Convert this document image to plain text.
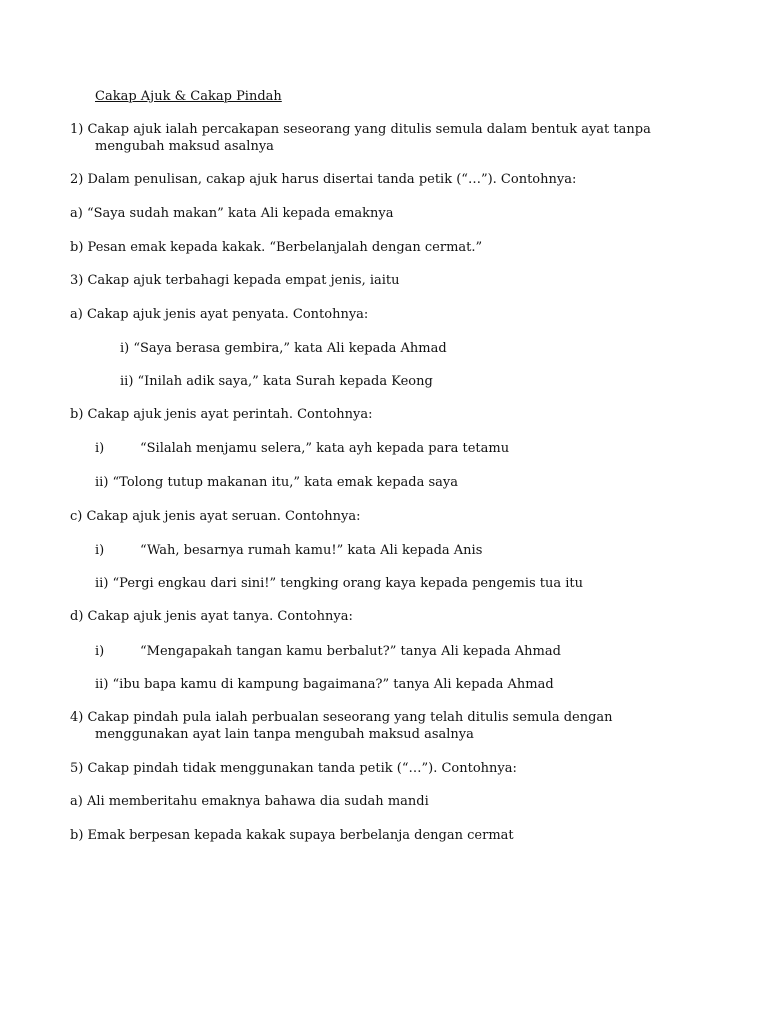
Cakap Ajuk & Cakap Pindah
1) Cakap ajuk ialah percakapan seseorang yang ditulis semula dalam bentuk ayat tanpa
mengubah maksud asalnya
2) Dalam penulisan, cakap ajuk harus disertai tanda petik (“…”). Contohnya:
a) “Saya sudah makan” kata Ali kepada emaknya
b) Pesan emak kepada kakak. “Berbelanjalah dengan cermat.”
3) Cakap ajuk terbahagi kepada empat jenis, iaitu
a) Cakap ajuk jenis ayat penyata. Contohnya:
i) “Saya berasa gembira,” kata Ali kepada Ahmad
ii) “Inilah adik saya,” kata Surah kepada Keong
b) Cakap ajuk jenis ayat perintah. Contohnya:
i)	“Silalah menjamu selera,” kata ayh kepada para tetamu
ii) “Tolong tutup makanan itu,” kata emak kepada saya
c) Cakap ajuk jenis ayat seruan. Contohnya:
i)	“Wah, besarnya rumah kamu!” kata Ali kepada Anis
ii) “Pergi engkau dari sini!” tengking orang kaya kepada pengemis tua itu
d) Cakap ajuk jenis ayat tanya. Contohnya:
i)	“Mengapakah tangan kamu berbalut?” tanya Ali kepada Ahmad
ii) “ibu bapa kamu di kampung bagaimana?” tanya Ali kepada Ahmad
4) Cakap pindah pula ialah perbualan seseorang yang telah ditulis semula dengan
menggunakan ayat lain tanpa mengubah maksud asalnya
5) Cakap pindah tidak menggunakan tanda petik (“…”). Contohnya:
a) Ali memberitahu emaknya bahawa dia sudah mandi
b) Emak berpesan kepada kakak supaya berbelanja dengan cermat
